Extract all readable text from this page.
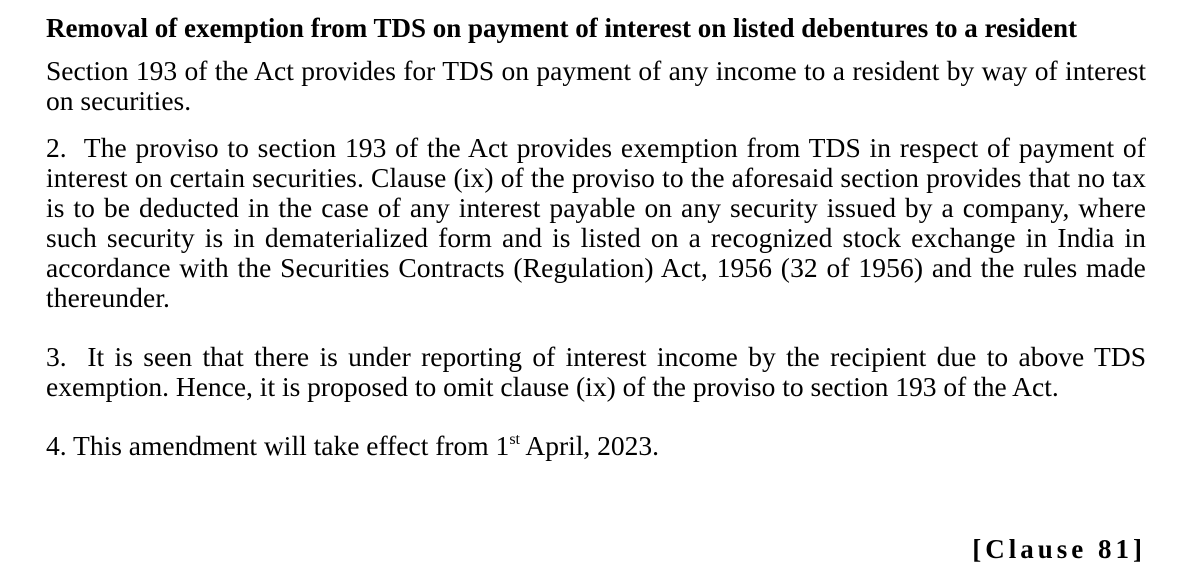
Removal of exemption from TDS on payment of interest on listed debentures to a resident

Section 193 of the Act provides for TDS on payment of any income to a resident by way of interest on securities.

2. The proviso to section 193 of the Act provides exemption from TDS in respect of payment of interest on certain securities. Clause (ix) of the proviso to the aforesaid section provides that no tax is to be deducted in the case of any interest payable on any security issued by a company, where such security is in dematerialized form and is listed on a recognized stock exchange in India in accordance with the Securities Contracts (Regulation) Act, 1956 (32 of 1956) and the rules made thereunder.

3. It is seen that there is under reporting of interest income by the recipient due to above TDS exemption. Hence, it is proposed to omit clause (ix) of the proviso to section 193 of the Act.

4. This amendment will take effect from 1st April, 2023.

[Clause 81]
